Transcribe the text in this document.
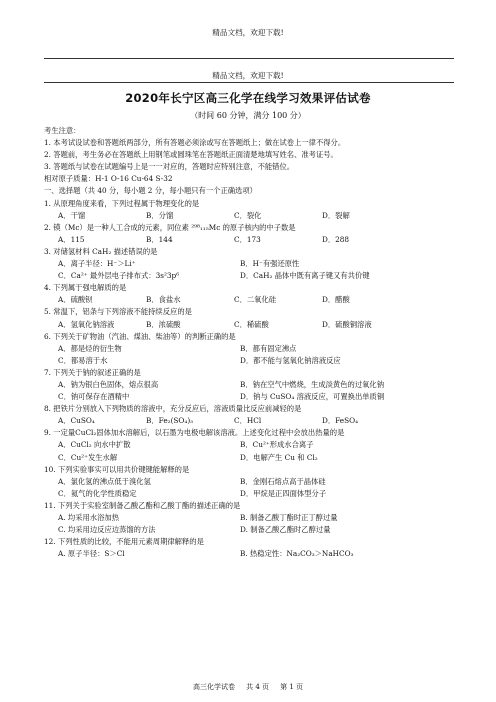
精品文档，欢迎下载!
精品文档，欢迎下载!
2020年长宁区高三化学在线学习效果评估试卷
（时间 60 分钟，满分 100 分）
考生注意：
1. 本考试设试卷和答题纸两部分，所有答题必须涂或写在答题纸上；做在试卷上一律不得分。
2. 答题前，考生务必在答题纸上用钢笔或圆珠笔在答题纸正面清楚地填写姓名、准考证号。
3. 答题纸与试卷在试题编号上是一一对应的，答题时应特别注意，不能错位。
相对原子质量：H-1 O-16 Cu-64 S-32
一、选择题（共 40 分，每小题 2 分，每小题只有一个正确选项）
1. 从原理角度来看，下列过程属于物理变化的是
A．干馏	B．分馏	C．裂化	D．裂解
2. 镆（Mc）是一种人工合成的元素，同位素 ²⁹⁸₁₁₅Mc 的原子核内的中子数是
A．115	B．144	C．173	D．288
3. 对储氢材料 CaH₂ 描述错误的是
A．离子半径：H⁻＞Li⁺	B．H⁻有强还原性
C．Ca²⁺ 最外层电子排布式：3s²3p⁶	D．CaH₂ 晶体中既有离子键又有共价键
4. 下列属于强电解质的是
A．硫酸钡	B．食盐水	C．二氧化硅	D．醋酸
5. 常温下，铝条与下列溶液不能持续反应的是
A．氢氧化钠溶液	B．浓硫酸	C．稀硫酸	D．硫酸铜溶液
6. 下列关于矿物油（汽油、煤油、柴油等）的判断正确的是
A．都是烃的衍生物	B．都有固定沸点
C．都易溶于水	D．都不能与氢氧化钠溶液反应
7. 下列关于钠的叙述正确的是
A．钠为银白色固体，熔点很高	B．钠在空气中燃烧，生成淡黄色的过氧化钠
C．钠可保存在酒精中	D．钠与 CuSO₄ 溶液反应，可置换出单质铜
8. 把铁片分别放入下列物质的溶液中，充分反应后，溶液质量比反应前减轻的是
A．CuSO₄	B．Fe₂(SO₄)₃	C．HCl	D．FeSO₄
9. 一定量CuCl₂固体加水溶解后，以石墨为电极电解该溶液。上述变化过程中会放出热量的是
A．CuCl₂ 向水中扩散	B．Cu²⁺形成水合离子
C．Cu²⁺发生水解	D．电解产生 Cu 和 Cl₂
10. 下列实验事实可以用共价键键能解释的是
A．氯化氢的沸点低于溴化氢	B．金刚石熔点高于晶体硅
C．氦气的化学性质稳定	D．甲烷是正四面体型分子
11. 下列关于实验室制备乙酸乙酯和乙酸丁酯的描述正确的是
A. 均采用水浴加热	B. 制备乙酸丁酯时正丁醇过量
C. 均采用边反应边蒸馏的方法	D. 制备乙酸乙酯时乙醇过量
12. 下列性质的比较，不能用元素周期律解释的是
A. 原子半径：S＞Cl	B. 热稳定性：Na₂CO₃＞NaHCO₃
高三化学试卷 共 4 页 第 1 页
